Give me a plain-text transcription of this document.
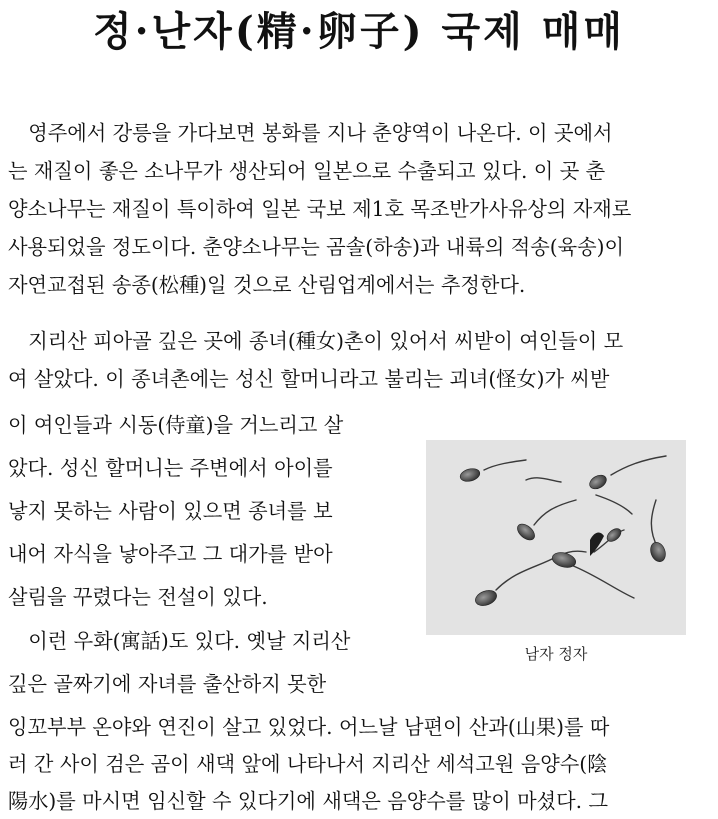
정·난자(精·卵子) 국제 매매
　영주에서 강릉을 가다보면 봉화를 지나 춘양역이 나온다. 이 곳에서
는 재질이 좋은 소나무가 생산되어 일본으로 수출되고 있다. 이 곳 춘
양소나무는 재질이 특이하여 일본 국보 제1호 목조반가사유상의 자재로
사용되었을 정도이다. 춘양소나무는 곰솔(하송)과 내륙의 적송(육송)이
자연교접된 송종(松種)일 것으로 산림업계에서는 추정한다.
　지리산 피아골 깊은 곳에 종녀(種女)촌이 있어서 씨받이 여인들이 모
여 살았다. 이 종녀촌에는 성신 할머니라고 불리는 괴녀(怪女)가 씨받
이 여인들과 시동(侍童)을 거느리고 살
았다. 성신 할머니는 주변에서 아이를
낳지 못하는 사람이 있으면 종녀를 보
내어 자식을 낳아주고 그 대가를 받아
살림을 꾸렸다는 전설이 있다.
　이런 우화(寓話)도 있다. 옛날 지리산
깊은 골짜기에 자녀를 출산하지 못한
잉꼬부부 온야와 연진이 살고 있었다. 어느날 남편이 산과(山果)를 따
러 간 사이 검은 곰이 새댁 앞에 나타나서 지리산 세석고원 음양수(陰
陽水)를 마시면 임신할 수 있다기에 새댁은 음양수를 많이 마셨다. 그
남자 정자
